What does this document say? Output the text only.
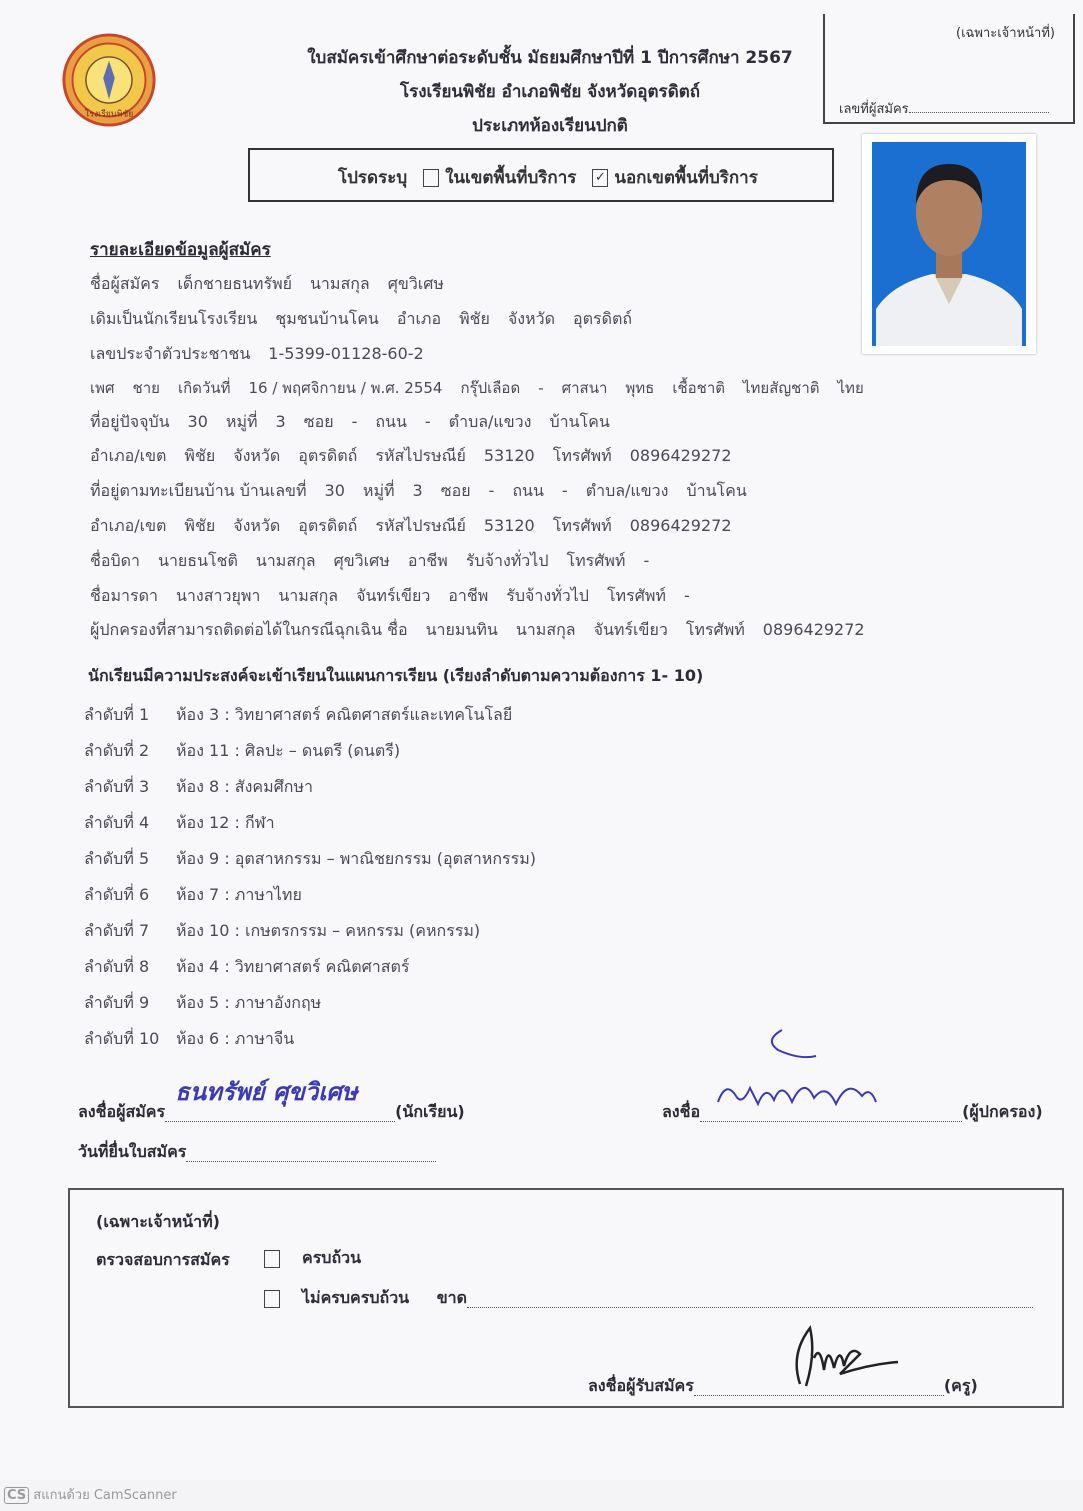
โรงเรียนพิชัย
ใบสมัครเข้าศึกษาต่อระดับชั้น มัธยมศึกษาปีที่ 1 ปีการศึกษา 2567
โรงเรียนพิชัย อำเภอพิชัย จังหวัดอุตรดิตถ์
ประเภทห้องเรียนปกติ
(เฉพาะเจ้าหน้าที่)
เลขที่ผู้สมัคร
โปรดระบุ ในเขตพื้นที่บริการ ✓ นอกเขตพื้นที่บริการ
รายละเอียดข้อมูลผู้สมัคร
ชื่อผู้สมัคร เด็กชายธนทรัพย์ นามสกุล ศุขวิเศษ
เดิมเป็นนักเรียนโรงเรียน ชุมชนบ้านโคน อำเภอ พิชัย จังหวัด อุตรดิตถ์
เลขประจำตัวประชาชน 1-5399-01128-60-2
เพศ ชาย เกิดวันที่ 16 / พฤศจิกายน / พ.ศ. 2554 กรุ๊ปเลือด - ศาสนา พุทธ เชื้อชาติ ไทยสัญชาติ ไทย
ที่อยู่ปัจจุบัน 30 หมู่ที่ 3 ซอย - ถนน - ตำบล/แขวง บ้านโคน
อำเภอ/เขต พิชัย จังหวัด อุตรดิตถ์ รหัสไปรษณีย์ 53120 โทรศัพท์ 0896429272
ที่อยู่ตามทะเบียนบ้าน บ้านเลขที่ 30 หมู่ที่ 3 ซอย - ถนน - ตำบล/แขวง บ้านโคน
อำเภอ/เขต พิชัย จังหวัด อุตรดิตถ์ รหัสไปรษณีย์ 53120 โทรศัพท์ 0896429272
ชื่อบิดา นายธนโชติ นามสกุล ศุขวิเศษ อาชีพ รับจ้างทั่วไป โทรศัพท์ -
ชื่อมารดา นางสาวยุพา นามสกุล จันทร์เขียว อาชีพ รับจ้างทั่วไป โทรศัพท์ -
ผู้ปกครองที่สามารถติดต่อได้ในกรณีฉุกเฉิน ชื่อ นายมนทิน นามสกุล จันทร์เขียว โทรศัพท์ 0896429272
นักเรียนมีความประสงค์จะเข้าเรียนในแผนการเรียน (เรียงลำดับตามความต้องการ 1- 10)
ลำดับที่ 1 ห้อง 3 : วิทยาศาสตร์ คณิตศาสตร์และเทคโนโลยี
ลำดับที่ 2 ห้อง 11 : ศิลปะ – ดนตรี (ดนตรี)
ลำดับที่ 3 ห้อง 8 : สังคมศึกษา
ลำดับที่ 4 ห้อง 12 : กีฬา
ลำดับที่ 5 ห้อง 9 : อุตสาหกรรม – พาณิชยกรรม (อุตสาหกรรม)
ลำดับที่ 6 ห้อง 7 : ภาษาไทย
ลำดับที่ 7 ห้อง 10 : เกษตรกรรม – คหกรรม (คหกรรม)
ลำดับที่ 8 ห้อง 4 : วิทยาศาสตร์ คณิตศาสตร์
ลำดับที่ 9 ห้อง 5 : ภาษาอังกฤษ
ลำดับที่ 10 ห้อง 6 : ภาษาจีน
ลงชื่อผู้สมัคร
ธนทรัพย์ ศุขวิเศษ
(นักเรียน)	ลงชื่อ	(ผู้ปกครอง)
วันที่ยื่นใบสมัคร
(เฉพาะเจ้าหน้าที่)
ตรวจสอบการสมัคร	ครบถ้วน
ไม่ครบครบถ้วน ขาด
ลงชื่อผู้รับสมัคร	(ครู)
CS สแกนด้วย CamScanner
